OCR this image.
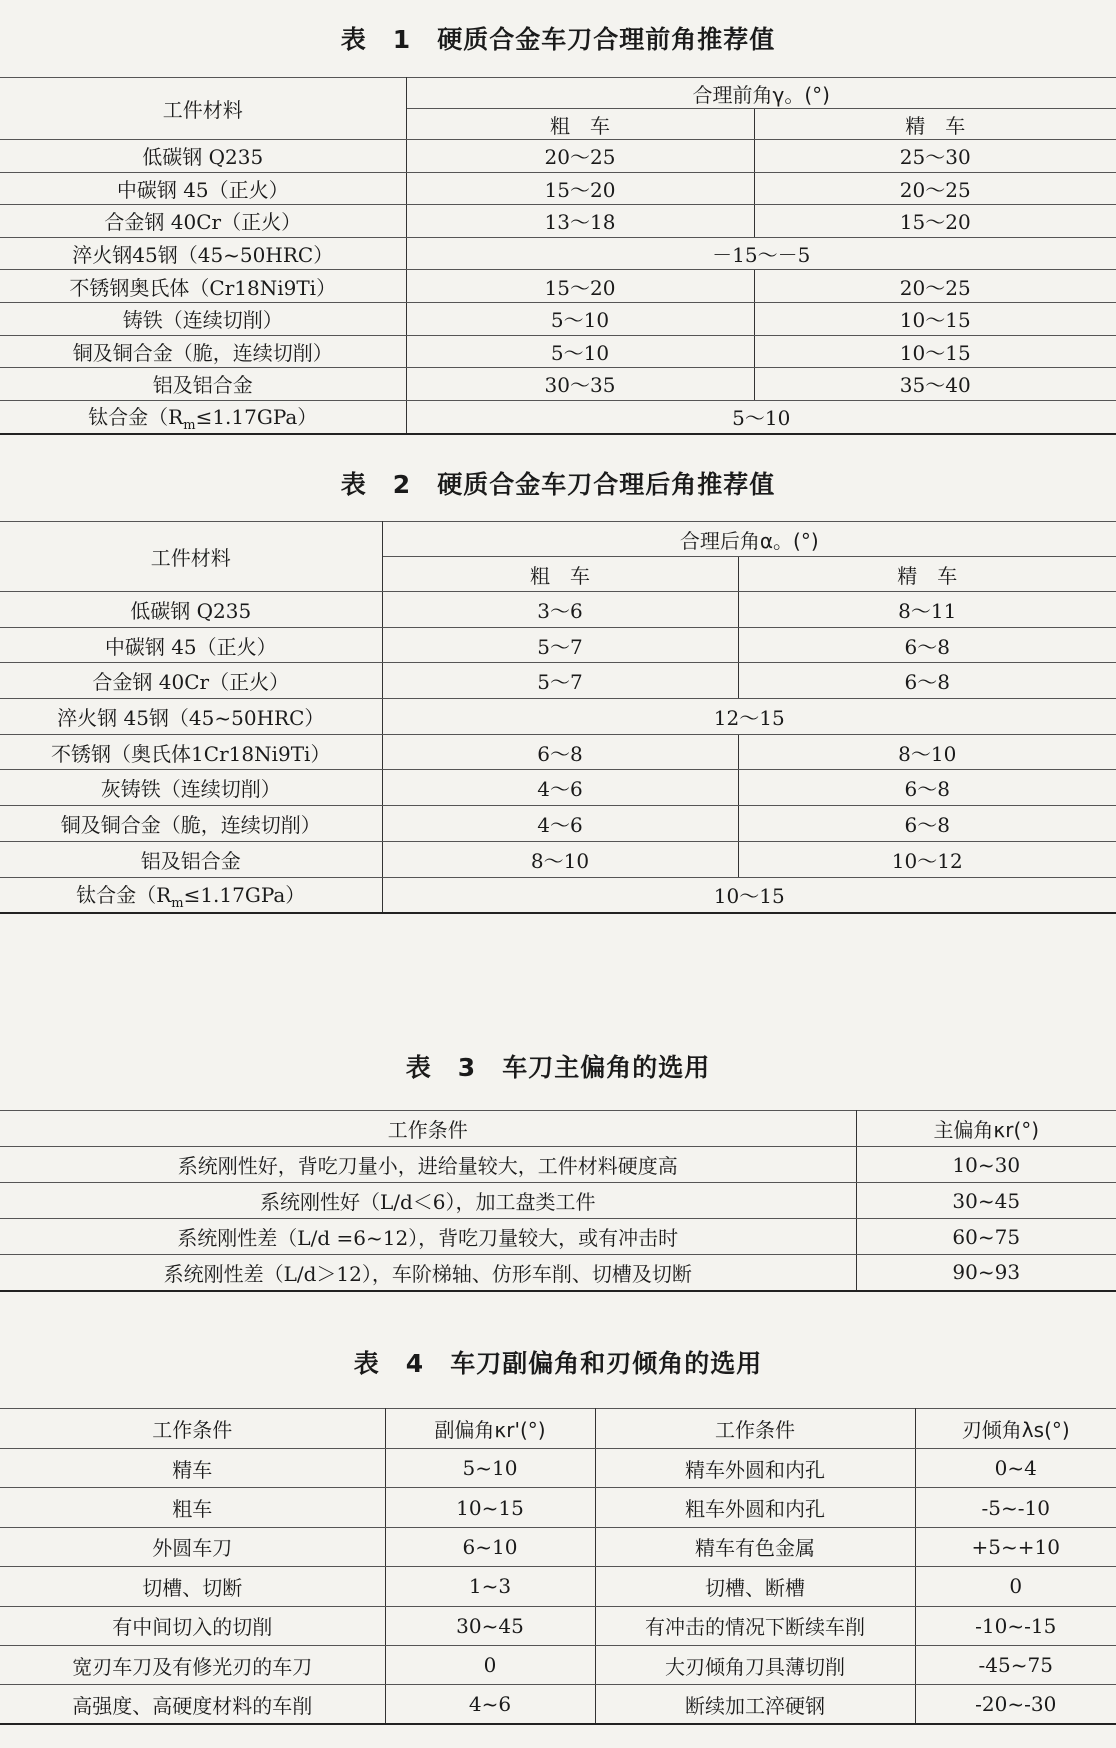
表　1　硬质合金车刀合理前角推荐值
工件材料	合理前角γ。(°)	
	粗　车	精　车
低碳钢 Q235	20～25	25～30
中碳钢 45（正火）	15～20	20～25
合金钢 40Cr（正火）	13～18	15～20
淬火钢45钢（45~50HRC）	－15～－5	
不锈钢奥氏体（Cr18Ni9Ti）	15～20	20～25
铸铁（连续切削）	5～10	10～15
铜及铜合金（脆，连续切削）	5～10	10～15
铝及铝合金	30～35	35～40
钛合金$(R_m\le 1.17GPa)$	5～10	
表　2　硬质合金车刀合理后角推荐值
工件材料	合理后角α。(°)	
	粗　车	精　车
低碳钢 Q235	3～6	8～11
中碳钢 45（正火）	5～7	6～8
合金钢 40Cr（正火）	5～7	6～8
淬火钢 45钢（45~50HRC）	12～15	
不锈钢（奥氏体1Cr18Ni9Ti）	6～8	8～10
灰铸铁（连续切削）	4～6	6～8
铜及铜合金（脆，连续切削）	4～6	6～8
铝及铝合金	8～10	10～12
钛合金$(R_m\le 1.17GPa)$	10～15	
表　3　车刀主偏角的选用
工作条件	主偏角κr(°)
系统刚性好，背吃刀量小，进给量较大，工件材料硬度高	10~30
系统刚性好（L/d＜6），加工盘类工件	30~45
系统刚性差（L/d =6~12），背吃刀量较大，或有冲击时	60~75
系统刚性差（L/d＞12），车阶梯轴、仿形车削、切槽及切断	90~93
表　4　车刀副偏角和刃倾角的选用
工作条件	副偏角κr'(°)	工作条件	刃倾角λs(°)
精车	5~10	精车外圆和内孔	0~4
粗车	10~15	粗车外圆和内孔	-5~-10
外圆车刀	6~10	精车有色金属	+5~+10
切槽、切断	1~3	切槽、断槽	0
有中间切入的切削	30~45	有冲击的情况下断续车削	-10~-15
宽刃车刀及有修光刃的车刀	0	大刃倾角刀具薄切削	-45~75
高强度、高硬度材料的车削	4~6	断续加工淬硬钢	-20~-30
